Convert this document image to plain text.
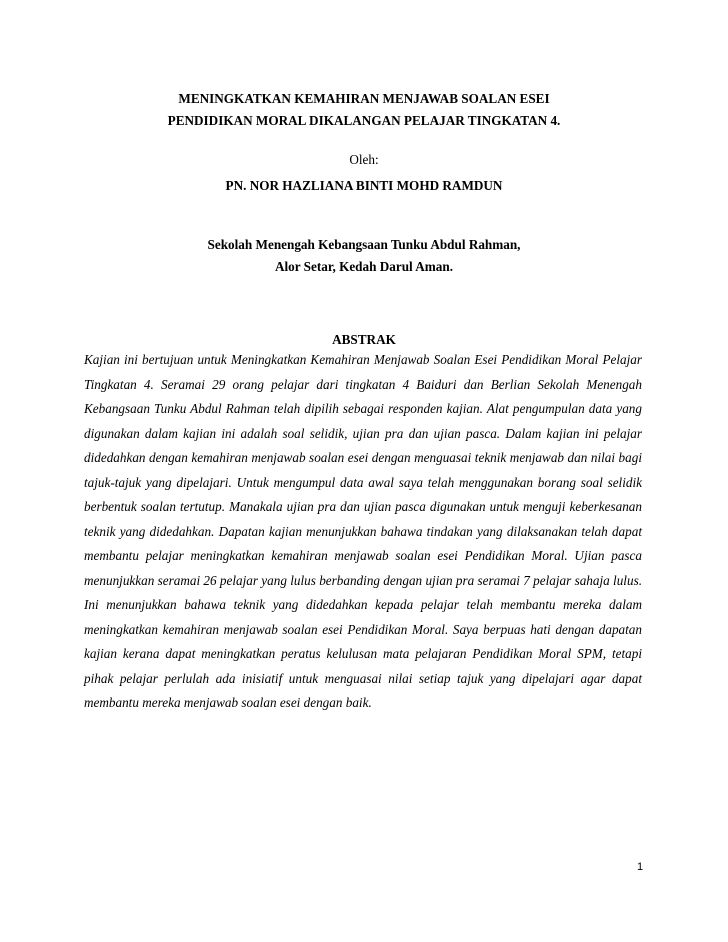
MENINGKATKAN KEMAHIRAN MENJAWAB SOALAN ESEI
PENDIDIKAN MORAL DIKALANGAN PELAJAR TINGKATAN 4.
Oleh:
PN. NOR HAZLIANA BINTI MOHD RAMDUN
Sekolah Menengah Kebangsaan Tunku Abdul Rahman,
Alor Setar, Kedah Darul Aman.
ABSTRAK

Kajian ini bertujuan untuk Meningkatkan Kemahiran Menjawab Soalan Esei Pendidikan Moral Pelajar Tingkatan 4. Seramai 29 orang pelajar dari tingkatan 4 Baiduri dan Berlian Sekolah Menengah Kebangsaan Tunku Abdul Rahman telah dipilih sebagai responden kajian. Alat pengumpulan data yang digunakan dalam kajian ini adalah soal selidik, ujian pra dan ujian pasca. Dalam kajian ini pelajar didedahkan dengan kemahiran menjawab soalan esei dengan menguasai teknik menjawab dan nilai bagi tajuk-tajuk yang dipelajari. Untuk mengumpul data awal saya telah menggunakan borang soal selidik berbentuk soalan tertutup. Manakala ujian pra dan ujian pasca digunakan untuk menguji keberkesanan teknik yang didedahkan. Dapatan kajian menunjukkan bahawa tindakan yang dilaksanakan telah dapat membantu pelajar meningkatkan kemahiran menjawab soalan esei Pendidikan Moral. Ujian pasca menunjukkan seramai 26 pelajar yang lulus berbanding dengan ujian pra seramai 7 pelajar sahaja lulus. Ini menunjukkan bahawa teknik yang didedahkan kepada pelajar telah membantu mereka dalam meningkatkan kemahiran menjawab soalan esei Pendidikan Moral. Saya berpuas hati dengan dapatan kajian kerana dapat meningkatkan peratus kelulusan mata pelajaran Pendidikan Moral SPM, tetapi pihak pelajar perlulah ada inisiatif untuk menguasai nilai setiap tajuk yang dipelajari agar dapat membantu mereka menjawab soalan esei dengan baik.

1
